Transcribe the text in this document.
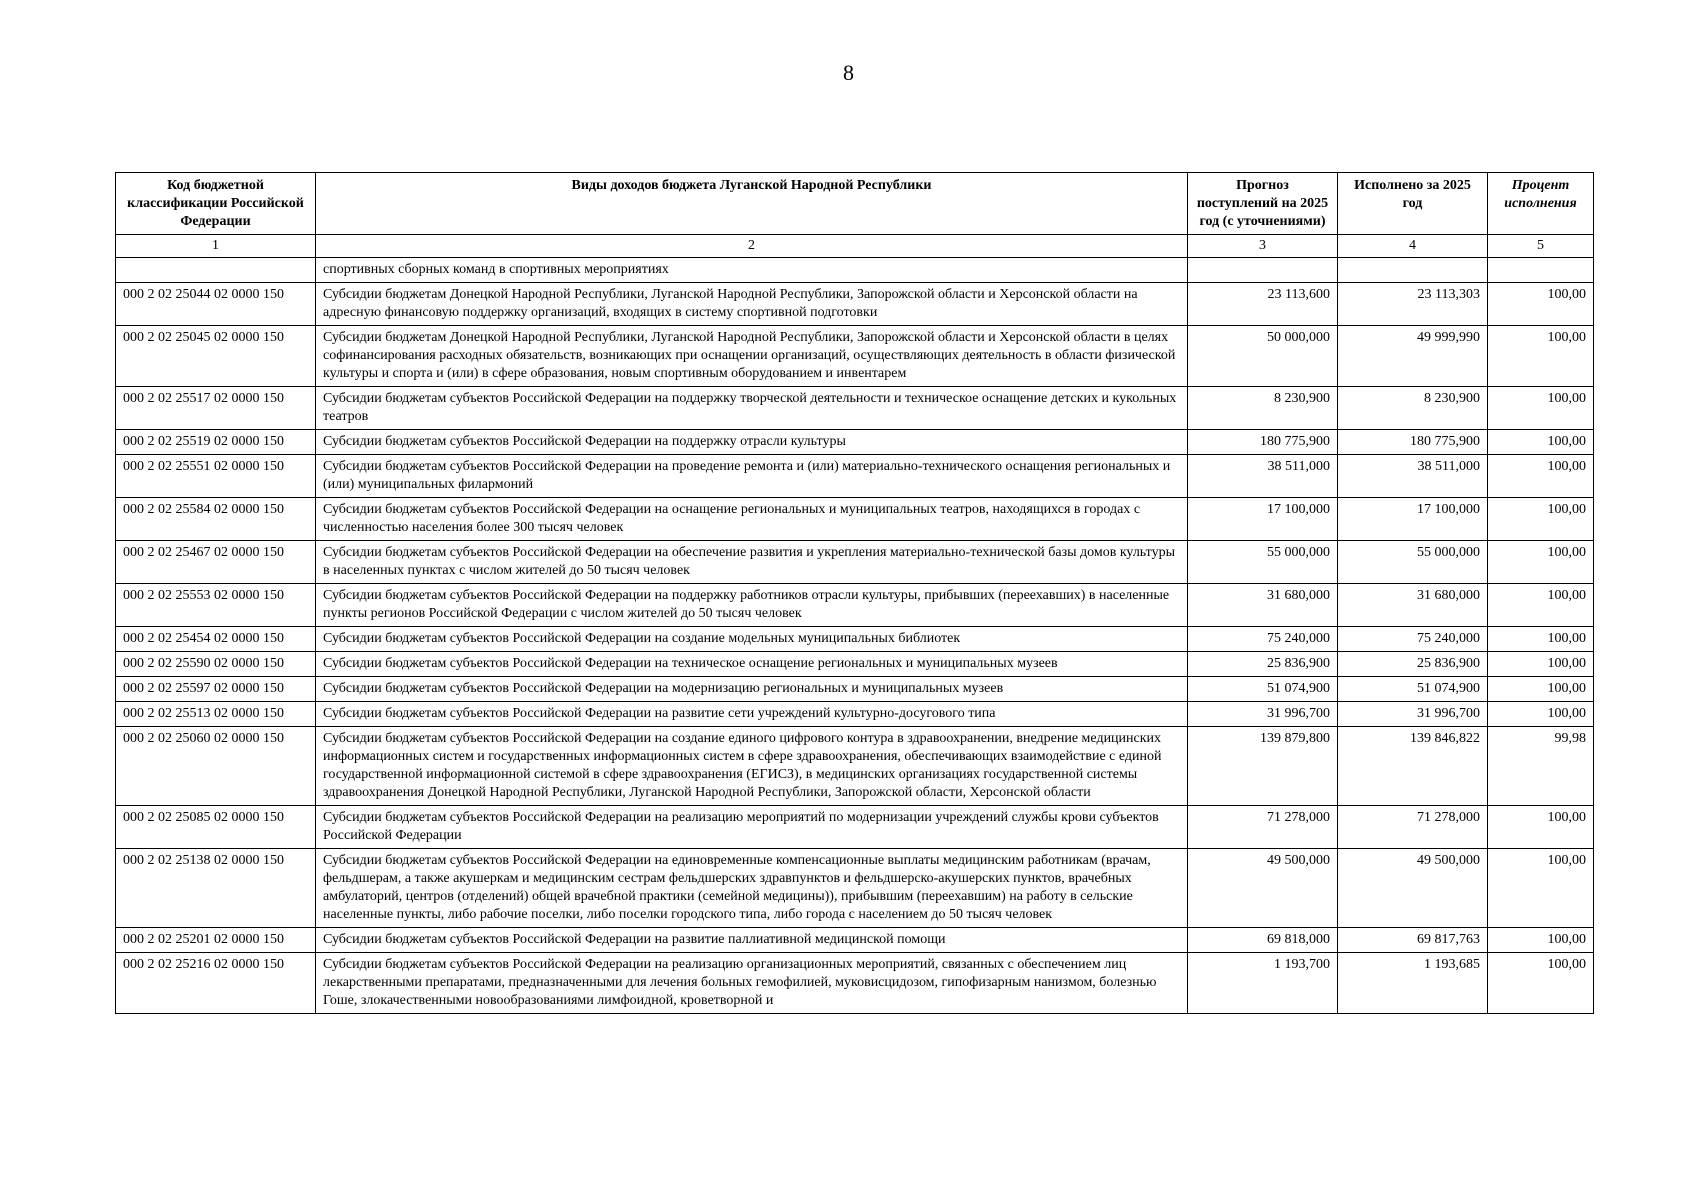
8
Код бюджетной классификации Российской Федерации	Виды доходов бюджета Луганской Народной Республики	Прогноз поступлений на 2025 год (с уточнениями)	Исполнено за 2025 год	Процент исполнения
1	2	3	4	5
	спортивных сборных команд в спортивных мероприятиях			
000 2 02 25044 02 0000 150	Субсидии бюджетам Донецкой Народной Республики, Луганской Народной Республики, Запорожской области и Херсонской области на адресную финансовую поддержку организаций, входящих в систему спортивной подготовки	23 113,600	23 113,303	100,00
000 2 02 25045 02 0000 150	Субсидии бюджетам Донецкой Народной Республики, Луганской Народной Республики, Запорожской области и Херсонской области в целях софинансирования расходных обязательств, возникающих при оснащении организаций, осуществляющих деятельность в области физической культуры и спорта и (или) в сфере образования, новым спортивным оборудованием и инвентарем	50 000,000	49 999,990	100,00
000 2 02 25517 02 0000 150	Субсидии бюджетам субъектов Российской Федерации на поддержку творческой деятельности и техническое оснащение детских и кукольных театров	8 230,900	8 230,900	100,00
000 2 02 25519 02 0000 150	Субсидии бюджетам субъектов Российской Федерации на поддержку отрасли культуры	180 775,900	180 775,900	100,00
000 2 02 25551 02 0000 150	Субсидии бюджетам субъектов Российской Федерации на проведение ремонта и (или) материально-технического оснащения региональных и (или) муниципальных филармоний	38 511,000	38 511,000	100,00
000 2 02 25584 02 0000 150	Субсидии бюджетам субъектов Российской Федерации на оснащение региональных и муниципальных театров, находящихся в городах с численностью населения более 300 тысяч человек	17 100,000	17 100,000	100,00
000 2 02 25467 02 0000 150	Субсидии бюджетам субъектов Российской Федерации на обеспечение развития и укрепления материально-технической базы домов культуры в населенных пунктах с числом жителей до 50 тысяч человек	55 000,000	55 000,000	100,00
000 2 02 25553 02 0000 150	Субсидии бюджетам субъектов Российской Федерации на поддержку работников отрасли культуры, прибывших (переехавших) в населенные пункты регионов Российской Федерации с числом жителей до 50 тысяч человек	31 680,000	31 680,000	100,00
000 2 02 25454 02 0000 150	Субсидии бюджетам субъектов Российской Федерации на создание модельных муниципальных библиотек	75 240,000	75 240,000	100,00
000 2 02 25590 02 0000 150	Субсидии бюджетам субъектов Российской Федерации на техническое оснащение региональных и муниципальных музеев	25 836,900	25 836,900	100,00
000 2 02 25597 02 0000 150	Субсидии бюджетам субъектов Российской Федерации на модернизацию региональных и муниципальных музеев	51 074,900	51 074,900	100,00
000 2 02 25513 02 0000 150	Субсидии бюджетам субъектов Российской Федерации на развитие сети учреждений культурно-досугового типа	31 996,700	31 996,700	100,00
000 2 02 25060 02 0000 150	Субсидии бюджетам субъектов Российской Федерации на создание единого цифрового контура в здравоохранении, внедрение медицинских информационных систем и государственных информационных систем в сфере здравоохранения, обеспечивающих взаимодействие с единой государственной информационной системой в сфере здравоохранения (ЕГИСЗ), в медицинских организациях государственной системы здравоохранения Донецкой Народной Республики, Луганской Народной Республики, Запорожской области, Херсонской области	139 879,800	139 846,822	99,98
000 2 02 25085 02 0000 150	Субсидии бюджетам субъектов Российской Федерации на реализацию мероприятий по модернизации учреждений службы крови субъектов Российской Федерации	71 278,000	71 278,000	100,00
000 2 02 25138 02 0000 150	Субсидии бюджетам субъектов Российской Федерации на единовременные компенсационные выплаты медицинским работникам (врачам, фельдшерам, а также акушеркам и медицинским сестрам фельдшерских здравпунктов и фельдшерско-акушерских пунктов, врачебных амбулаторий, центров (отделений) общей врачебной практики (семейной медицины)), прибывшим (переехавшим) на работу в сельские населенные пункты, либо рабочие поселки, либо поселки городского типа, либо города с населением до 50 тысяч человек	49 500,000	49 500,000	100,00
000 2 02 25201 02 0000 150	Субсидии бюджетам субъектов Российской Федерации на развитие паллиативной медицинской помощи	69 818,000	69 817,763	100,00
000 2 02 25216 02 0000 150	Субсидии бюджетам субъектов Российской Федерации на реализацию организационных мероприятий, связанных с обеспечением лиц лекарственными препаратами, предназначенными для лечения больных гемофилией, муковисцидозом, гипофизарным нанизмом, болезнью Гоше, злокачественными новообразованиями лимфоидной, кроветворной и	1 193,700	1 193,685	100,00
